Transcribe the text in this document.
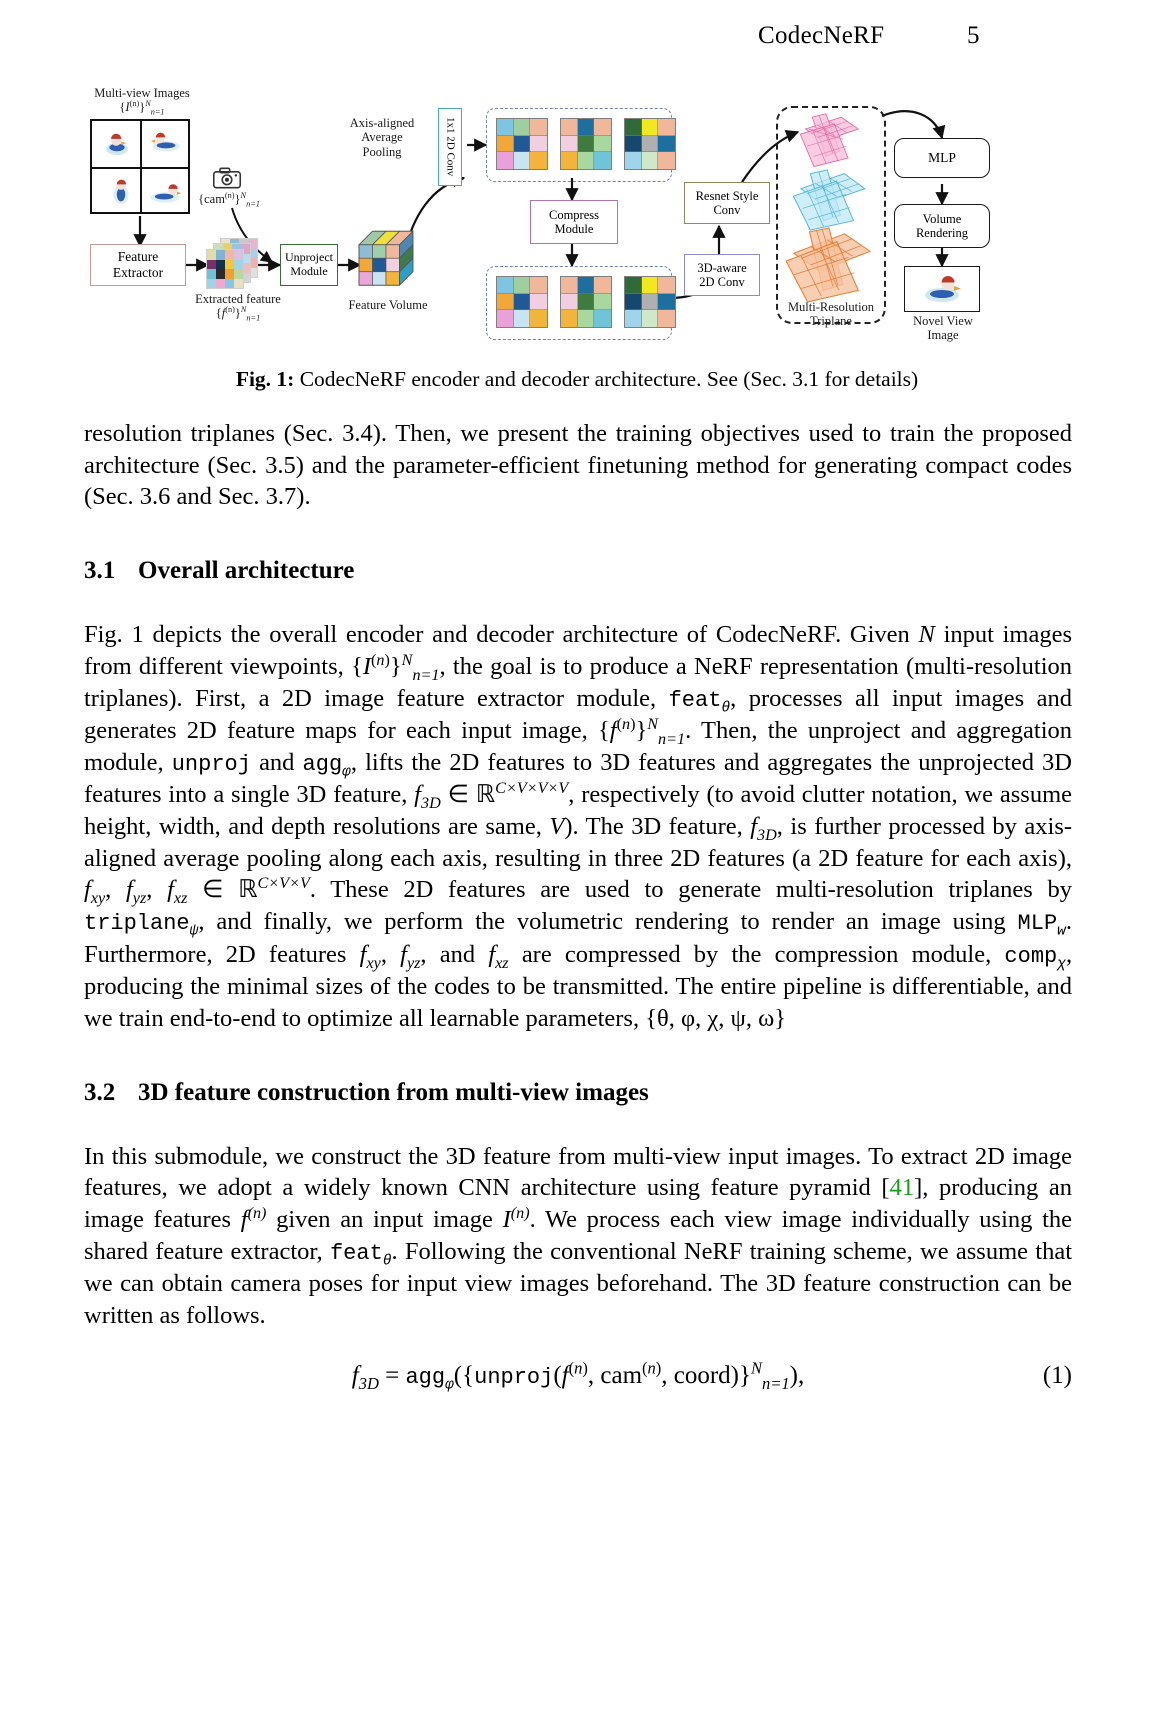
CodecNeRF	5
Multi-view Images $\{I^{(n)}\}^N_{n=1}$
$\{cam^{(n)}\}^N_{n=1}$
Feature
Extractor
Extracted feature
$\{f^{(n)}\}^N_{n=1}$
Unproject
Module
Feature Volume
Axis-aligned
Average
Pooling	1x1 2D Conv
Compress
Module
Resnet Style
Conv
3D-aware
2D Conv
Multi-Resolution
Triplane
MLP
Volume
Rendering
Novel View
Image
Fig. 1: CodecNeRF encoder and decoder architecture. See (Sec. 3.1 for details)

resolution triplanes (Sec. 3.4). Then, we present the training objectives used to train the proposed architecture (Sec. 3.5) and the parameter-efficient finetuning method for generating compact codes (Sec. 3.6 and Sec. 3.7).

3.1 Overall architecture

Fig. 1 depicts the overall encoder and decoder architecture of CodecNeRF. Given N input images from different viewpoints, $\{I^{(n)}\}^N_{n=1}$, the goal is to produce a NeRF representation (multi-resolution triplanes). First, a 2D image feature extractor module, feat$_\theta$, processes all input images and generates 2D feature maps for each input image, $\{f^{(n)}\}^N_{n=1}$. Then, the unproject and aggregation module, unproj and agg$_\varphi$, lifts the 2D features to 3D features and aggregates the unprojected 3D features into a single 3D feature, $f_{3D}$ ∈ ℝ$^{C\times V\times V\times V}$, respectively (to avoid clutter notation, we assume height, width, and depth resolutions are same, V). The 3D feature, $f_{3D}$, is further processed by axis-aligned average pooling along each axis, resulting in three 2D features (a 2D feature for each axis), $f_{xy}$, $f_{yz}$, $f_{xz}$ ∈ ℝ$^{C\times V\times V}$. These 2D features are used to generate multi-resolution triplanes by triplane$_\psi$, and finally, we perform the volumetric rendering to render an image using $MLP_w$. Furthermore, 2D features $f_{xy}$, $f_{yz}$, and $f_{xz}$ are compressed by the compression module, comp$_\chi$, producing the minimal sizes of the codes to be transmitted. The entire pipeline is differentiable, and we train end-to-end to optimize all learnable parameters, {θ, φ, χ, ψ, ω}

3.2 3D feature construction from multi-view images

In this submodule, we construct the 3D feature from multi-view input images. To extract 2D image features, we adopt a widely known CNN architecture using feature pyramid [41], producing an image features $f^{(n)}$ given an input image $I^{(n)}$. We process each view image individually using the shared feature extractor, feat$_\theta$. Following the conventional NeRF training scheme, we assume that we can obtain camera poses for input view images beforehand. The 3D feature construction can be written as follows.

$f_{3D}$ = $agg_\varphi(\{unproj(f^{(n)}$, cam$^{(n)}$, coord)}$^N_{n=1}$),	(1)
